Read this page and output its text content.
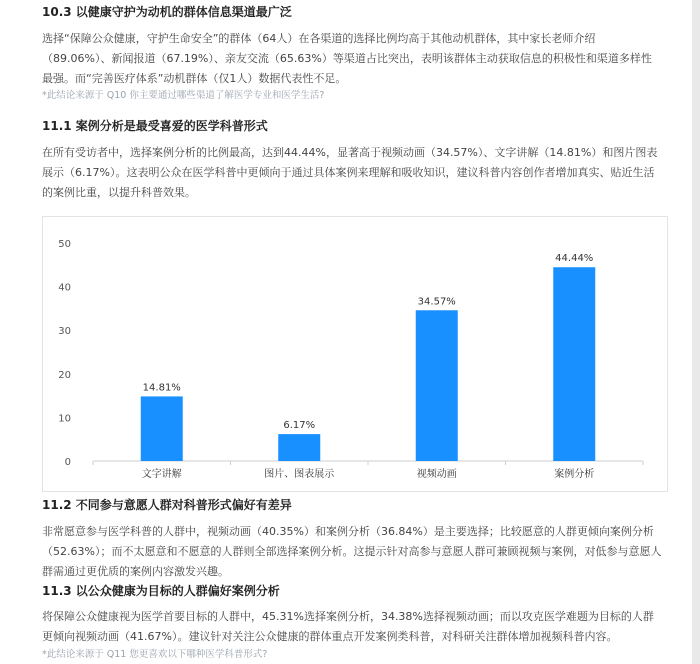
10.3 以健康守护为动机的群体信息渠道最广泛

选择“保障公众健康，守护生命安全”的群体（64人）在各渠道的选择比例均高于其他动机群体，其中家长老师介绍（89.06%）、新闻报道（67.19%）、亲友交流（65.63%）等渠道占比突出，表明该群体主动获取信息的积极性和渠道多样性最强。而“完善医疗体系”动机群体（仅1人）数据代表性不足。

*此结论来源于 Q10 你主要通过哪些渠道了解医学专业和医学生活?

11.1 案例分析是最受喜爱的医学科普形式

在所有受访者中，选择案例分析的比例最高，达到44.44%，显著高于视频动画（34.57%）、文字讲解（14.81%）和图片图表展示（6.17%）。这表明公众在医学科普中更倾向于通过具体案例来理解和吸收知识，建议科普内容创作者增加真实、贴近生活的案例比重，以提升科普效果。

0
10
20
30
40
50
14.81%
文字讲解
6.17%
图片、图表展示
34.57%
视频动画
44.44%
案例分析
11.2 不同参与意愿人群对科普形式偏好有差异

非常愿意参与医学科普的人群中，视频动画（40.35%）和案例分析（36.84%）是主要选择；比较愿意的人群更倾向案例分析（52.63%）；而不太愿意和不愿意的人群则全部选择案例分析。这提示针对高参与意愿人群可兼顾视频与案例，对低参与意愿人群需通过更优质的案例内容激发兴趣。

11.3 以公众健康为目标的人群偏好案例分析

将保障公众健康视为医学首要目标的人群中，45.31%选择案例分析，34.38%选择视频动画；而以攻克医学难题为目标的人群更倾向视频动画（41.67%）。建议针对关注公众健康的群体重点开发案例类科普，对科研关注群体增加视频科普内容。

*此结论来源于 Q11 您更喜欢以下哪种医学科普形式?
